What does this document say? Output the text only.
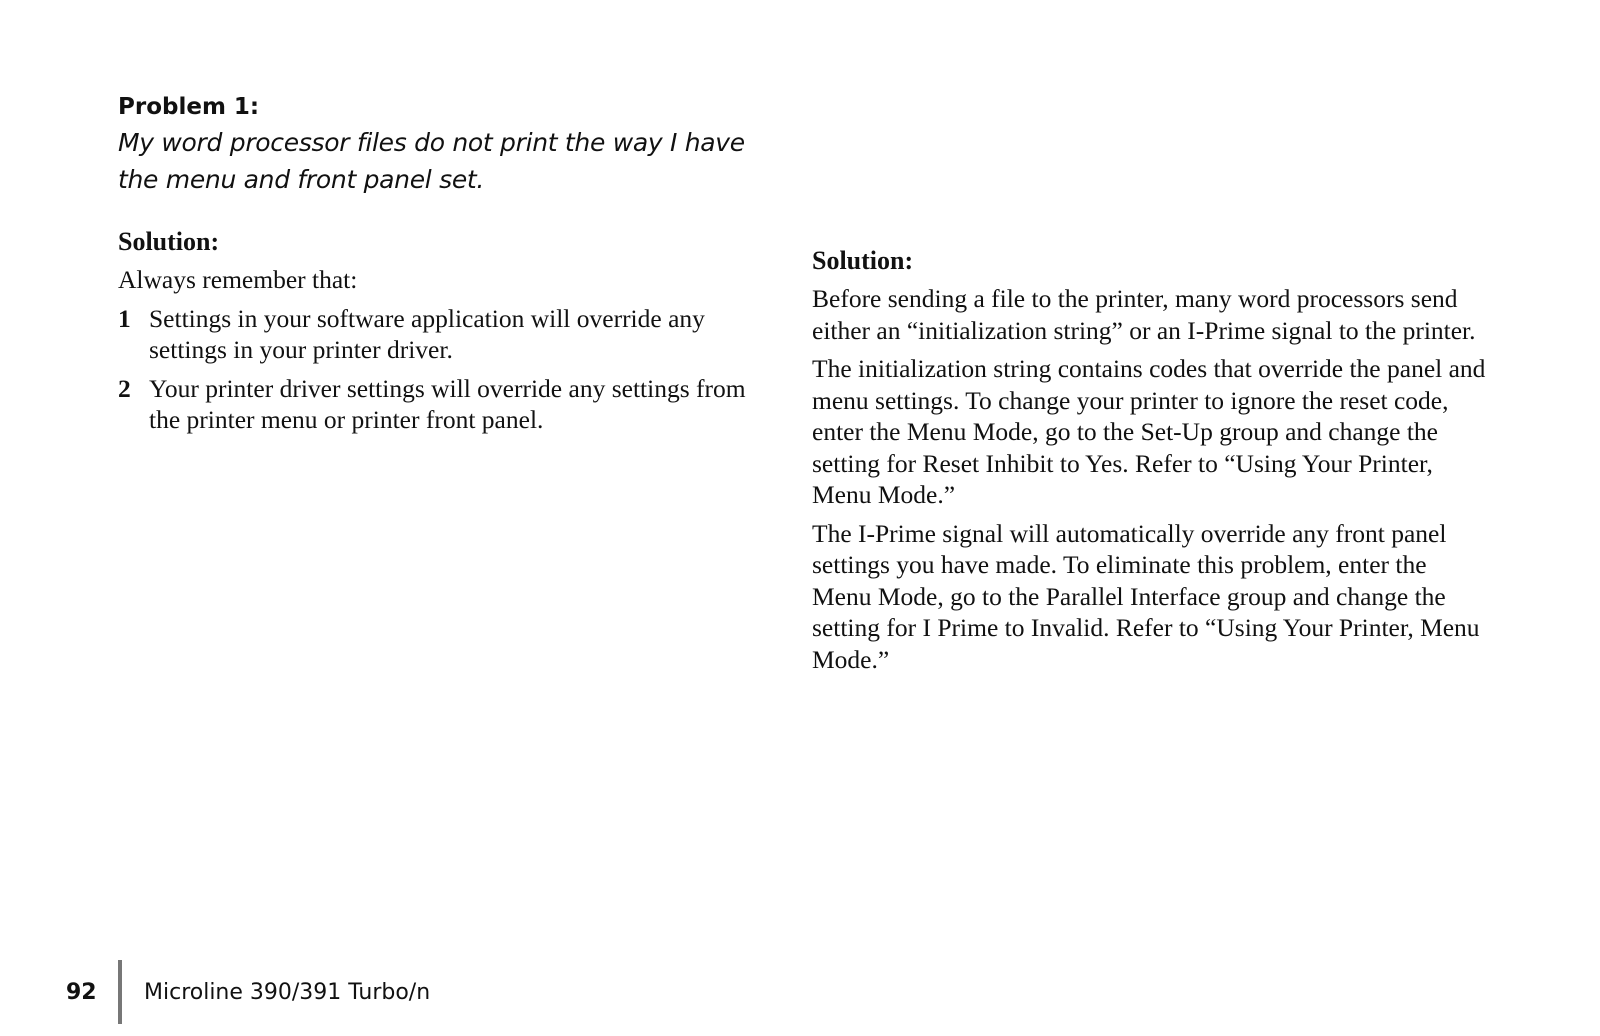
Problem 1:

My word processor files do not print the way I have the menu and front panel set.

Solution:

Always remember that:

1 Settings in your software application will override any settings in your printer driver.
2 Your printer driver settings will override any settings from the printer menu or printer front panel.

Solution:

Before sending a file to the printer, many word processors send either an “initialization string” or an I-Prime signal to the printer.

The initialization string contains codes that override the panel and menu settings. To change your printer to ignore the reset code, enter the Menu Mode, go to the Set-Up group and change the setting for Reset Inhibit to Yes. Refer to “Using Your Printer, Menu Mode.”

The I-Prime signal will automatically override any front panel settings you have made. To eliminate this problem, enter the Menu Mode, go to the Parallel Interface group and change the setting for I Prime to Invalid. Refer to “Using Your Printer, Menu Mode.”

92	Microline 390/391 Turbo/n
